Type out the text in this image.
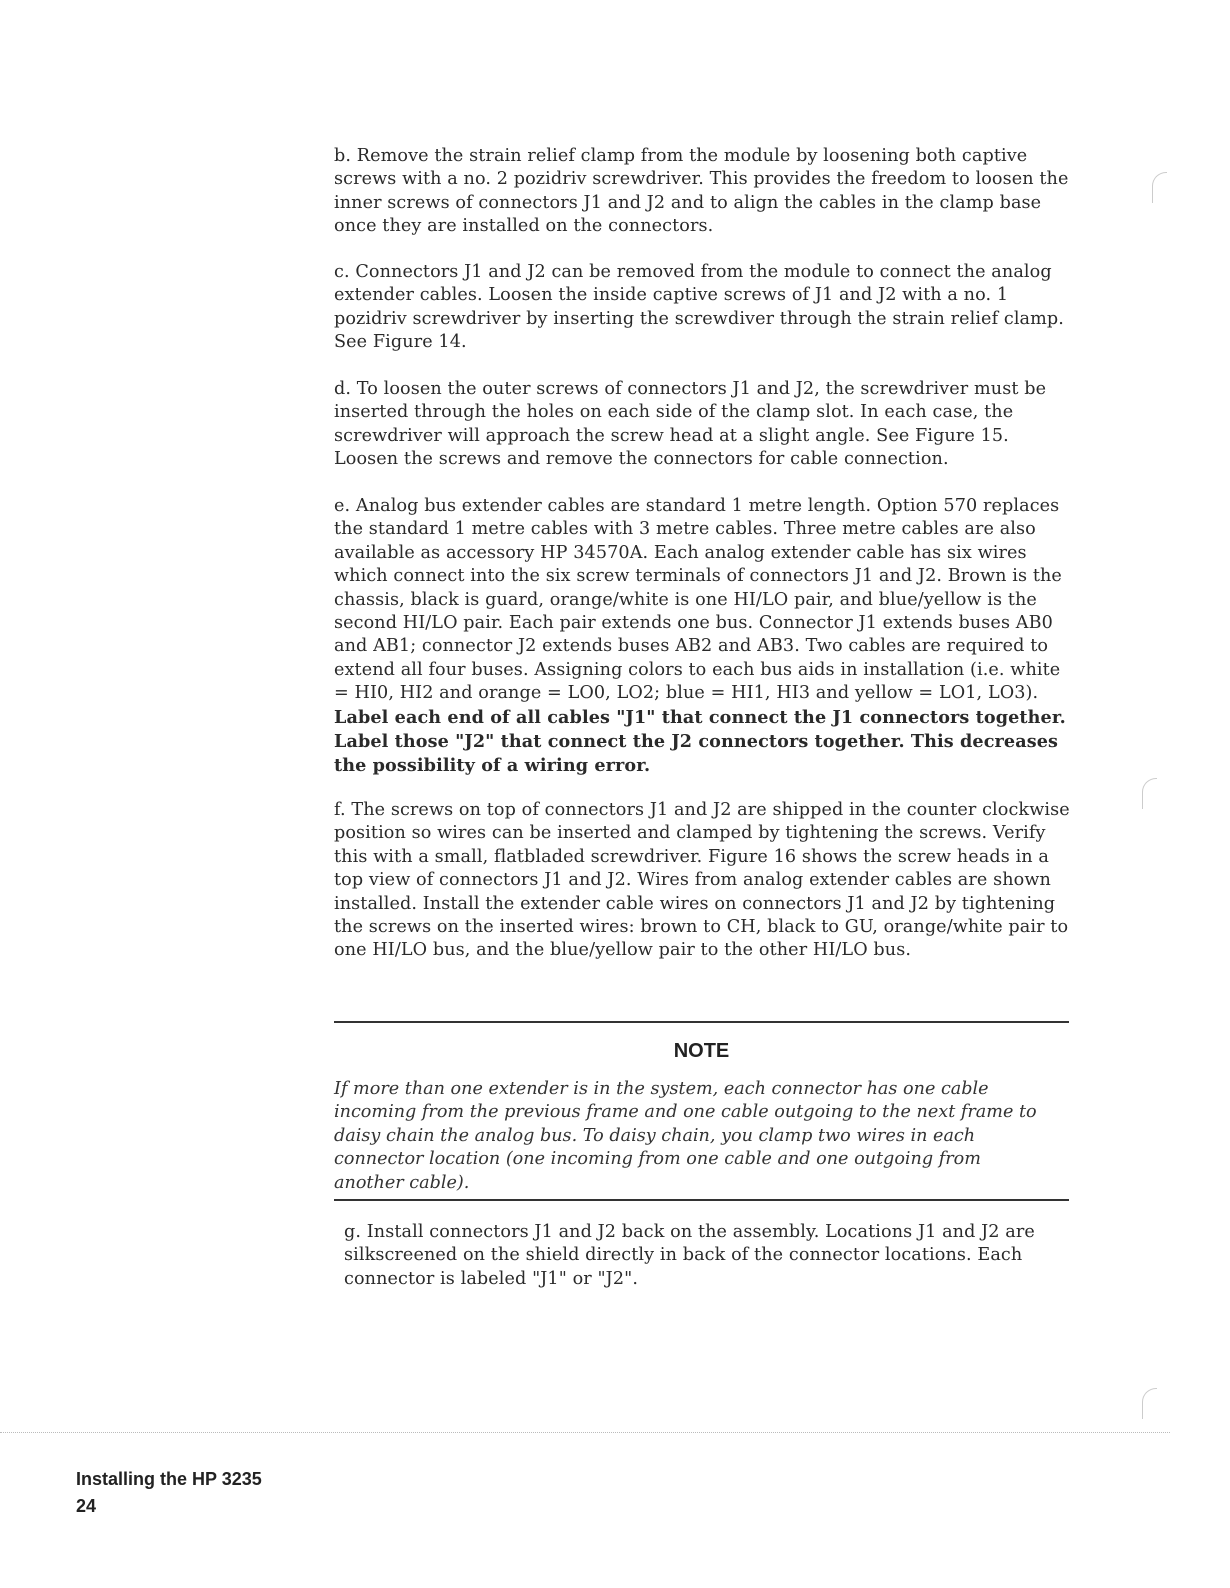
b. Remove the strain relief clamp from the module by loosening both captive screws with a no. 2 pozidriv screwdriver. This provides the freedom to loosen the inner screws of connectors J1 and J2 and to align the cables in the clamp base once they are installed on the connectors.

c. Connectors J1 and J2 can be removed from the module to connect the analog extender cables. Loosen the inside captive screws of J1 and J2 with a no. 1 pozidriv screwdriver by inserting the screwdiver through the strain relief clamp. See Figure 14.

d. To loosen the outer screws of connectors J1 and J2, the screwdriver must be inserted through the holes on each side of the clamp slot. In each case, the screwdriver will approach the screw head at a slight angle. See Figure 15. Loosen the screws and remove the connectors for cable connection.

e. Analog bus extender cables are standard 1 metre length. Option 570 replaces the standard 1 metre cables with 3 metre cables. Three metre cables are also available as accessory HP 34570A. Each analog extender cable has six wires which connect into the six screw terminals of connectors J1 and J2. Brown is the chassis, black is guard, orange/white is one HI/LO pair, and blue/yellow is the second HI/LO pair. Each pair extends one bus. Connector J1 extends buses AB0 and AB1; connector J2 extends buses AB2 and AB3. Two cables are required to extend all four buses. Assigning colors to each bus aids in installation (i.e. white = HI0, HI2 and orange = LO0, LO2; blue = HI1, HI3 and yellow = LO1, LO3). Label each end of all cables "J1" that connect the J1 connectors together. Label those "J2" that connect the J2 connectors together. This decreases the possibility of a wiring error.

f. The screws on top of connectors J1 and J2 are shipped in the counter clockwise position so wires can be inserted and clamped by tightening the screws. Verify this with a small, flatbladed screwdriver. Figure 16 shows the screw heads in a top view of connectors J1 and J2. Wires from analog extender cables are shown installed. Install the extender cable wires on connectors J1 and J2 by tightening the screws on the inserted wires: brown to CH, black to GU, orange/white pair to one HI/LO bus, and the blue/yellow pair to the other HI/LO bus.

NOTE

If more than one extender is in the system, each connector has one cable incoming from the previous frame and one cable outgoing to the next frame to daisy chain the analog bus. To daisy chain, you clamp two wires in each connector location (one incoming from one cable and one outgoing from another cable).

g. Install connectors J1 and J2 back on the assembly. Locations J1 and J2 are silkscreened on the shield directly in back of the connector locations. Each connector is labeled "J1" or "J2".

Installing the HP 3235
24
